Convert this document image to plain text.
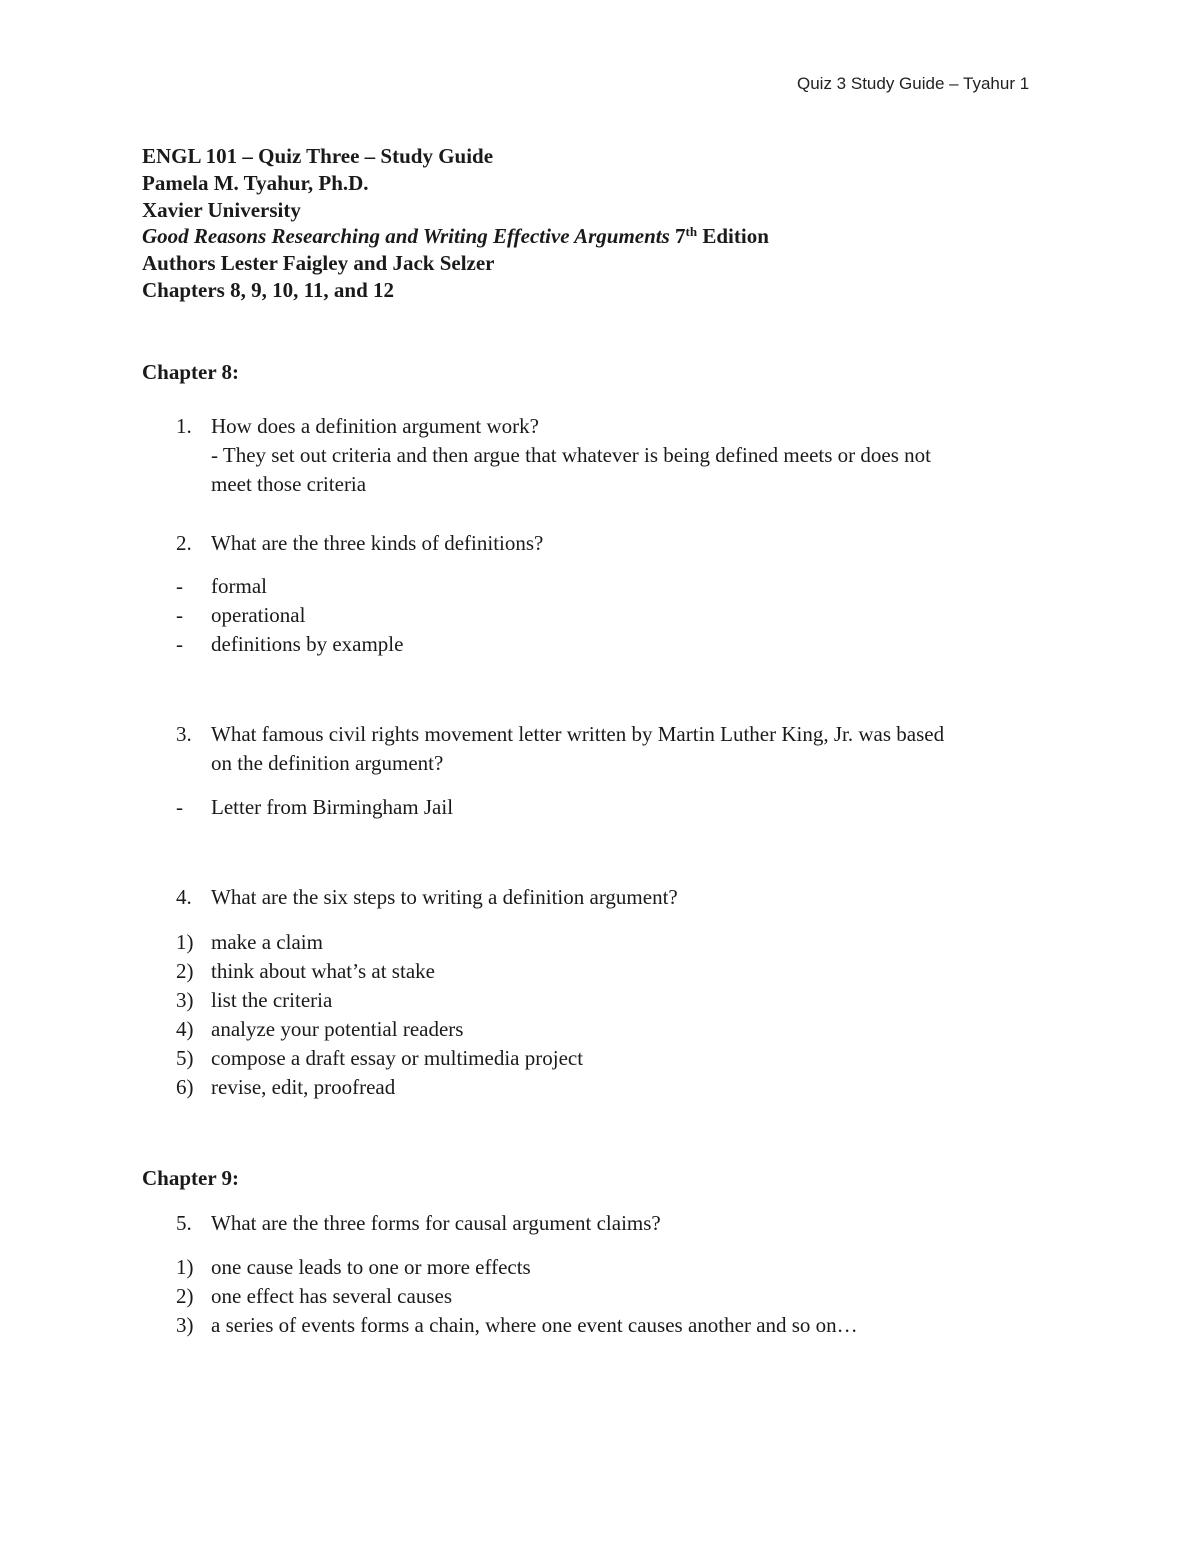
Quiz 3 Study Guide – Tyahur 1
ENGL 101 – Quiz Three – Study Guide
Pamela M. Tyahur, Ph.D.
Xavier University
Good Reasons Researching and Writing Effective Arguments 7th Edition
Authors Lester Faigley and Jack Selzer
Chapters 8, 9, 10, 11, and 12
Chapter 8:
1. How does a definition argument work?
- They set out criteria and then argue that whatever is being defined meets or does not
meet those criteria
2. What are the three kinds of definitions?
- formal
- operational
- definitions by example
3. What famous civil rights movement letter written by Martin Luther King, Jr. was based
on the definition argument?
- Letter from Birmingham Jail
4. What are the six steps to writing a definition argument?
1) make a claim
2) think about what’s at stake
3) list the criteria
4) analyze your potential readers
5) compose a draft essay or multimedia project
6) revise, edit, proofread
Chapter 9:
5. What are the three forms for causal argument claims?
1) one cause leads to one or more effects
2) one effect has several causes
3) a series of events forms a chain, where one event causes another and so on…
